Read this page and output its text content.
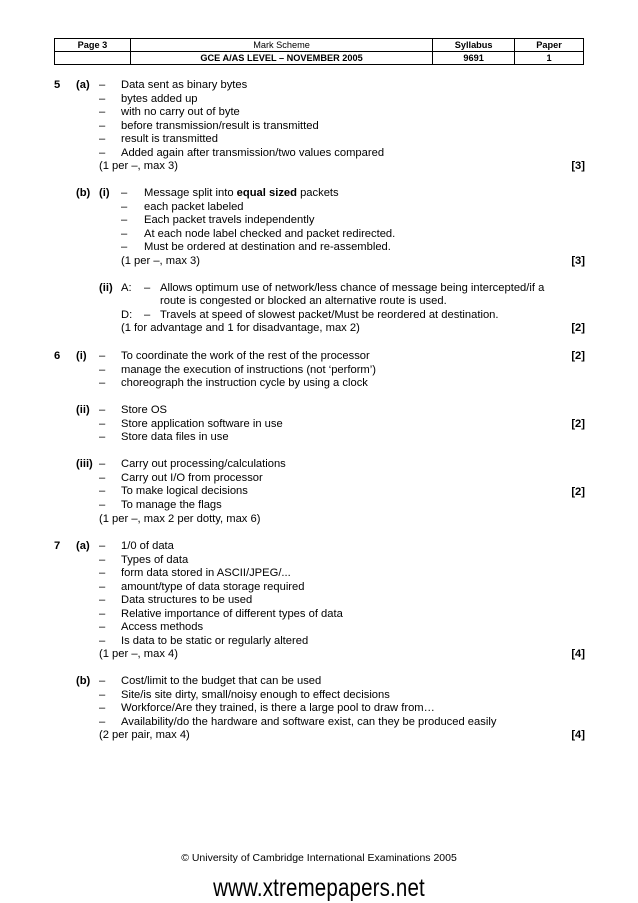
Page 3	Mark Scheme	Syllabus	Paper
	GCE A/AS LEVEL – NOVEMBER 2005	9691	1
5 (a) – Data sent as binary bytes
– bytes added up
– with no carry out of byte
– before transmission/result is transmitted
– result is transmitted
– Added again after transmission/two values compared
(1 per –, max 3)	[3]
(b) (i) – Message split into equal sized packets
– each packet labeled
– Each packet travels independently
– At each node label checked and packet redirected.
– Must be ordered at destination and re-assembled.
(1 per –, max 3)	[3]
(ii) A: – Allows optimum use of network/less chance of message being intercepted/if a
route is congested or blocked an alternative route is used.
D: – Travels at speed of slowest packet/Must be reordered at destination.
(1 for advantage and 1 for disadvantage, max 2)	[2]
6 (i) – To coordinate the work of the rest of the processor
– manage the execution of instructions (not ‘perform’)
– choreograph the instruction cycle by using a clock
[2]
(ii) – Store OS
– Store application software in use
– Store data files in use
[2]
(iii) – Carry out processing/calculations
– Carry out I/O from processor
– To make logical decisions
– To manage the flags
[2]
(1 per –, max 2 per dotty, max 6)
7 (a) – 1/0 of data
– Types of data
– form data stored in ASCII/JPEG/...
– amount/type of data storage required
– Data structures to be used
– Relative importance of different types of data
– Access methods
– Is data to be static or regularly altered
(1 per –, max 4)	[4]
(b) – Cost/limit to the budget that can be used
– Site/is site dirty, small/noisy enough to effect decisions
– Workforce/Are they trained, is there a large pool to draw from…
– Availability/do the hardware and software exist, can they be produced easily
(2 per pair, max 4)	[4]
© University of Cambridge International Examinations 2005
www.xtremepapers.net
